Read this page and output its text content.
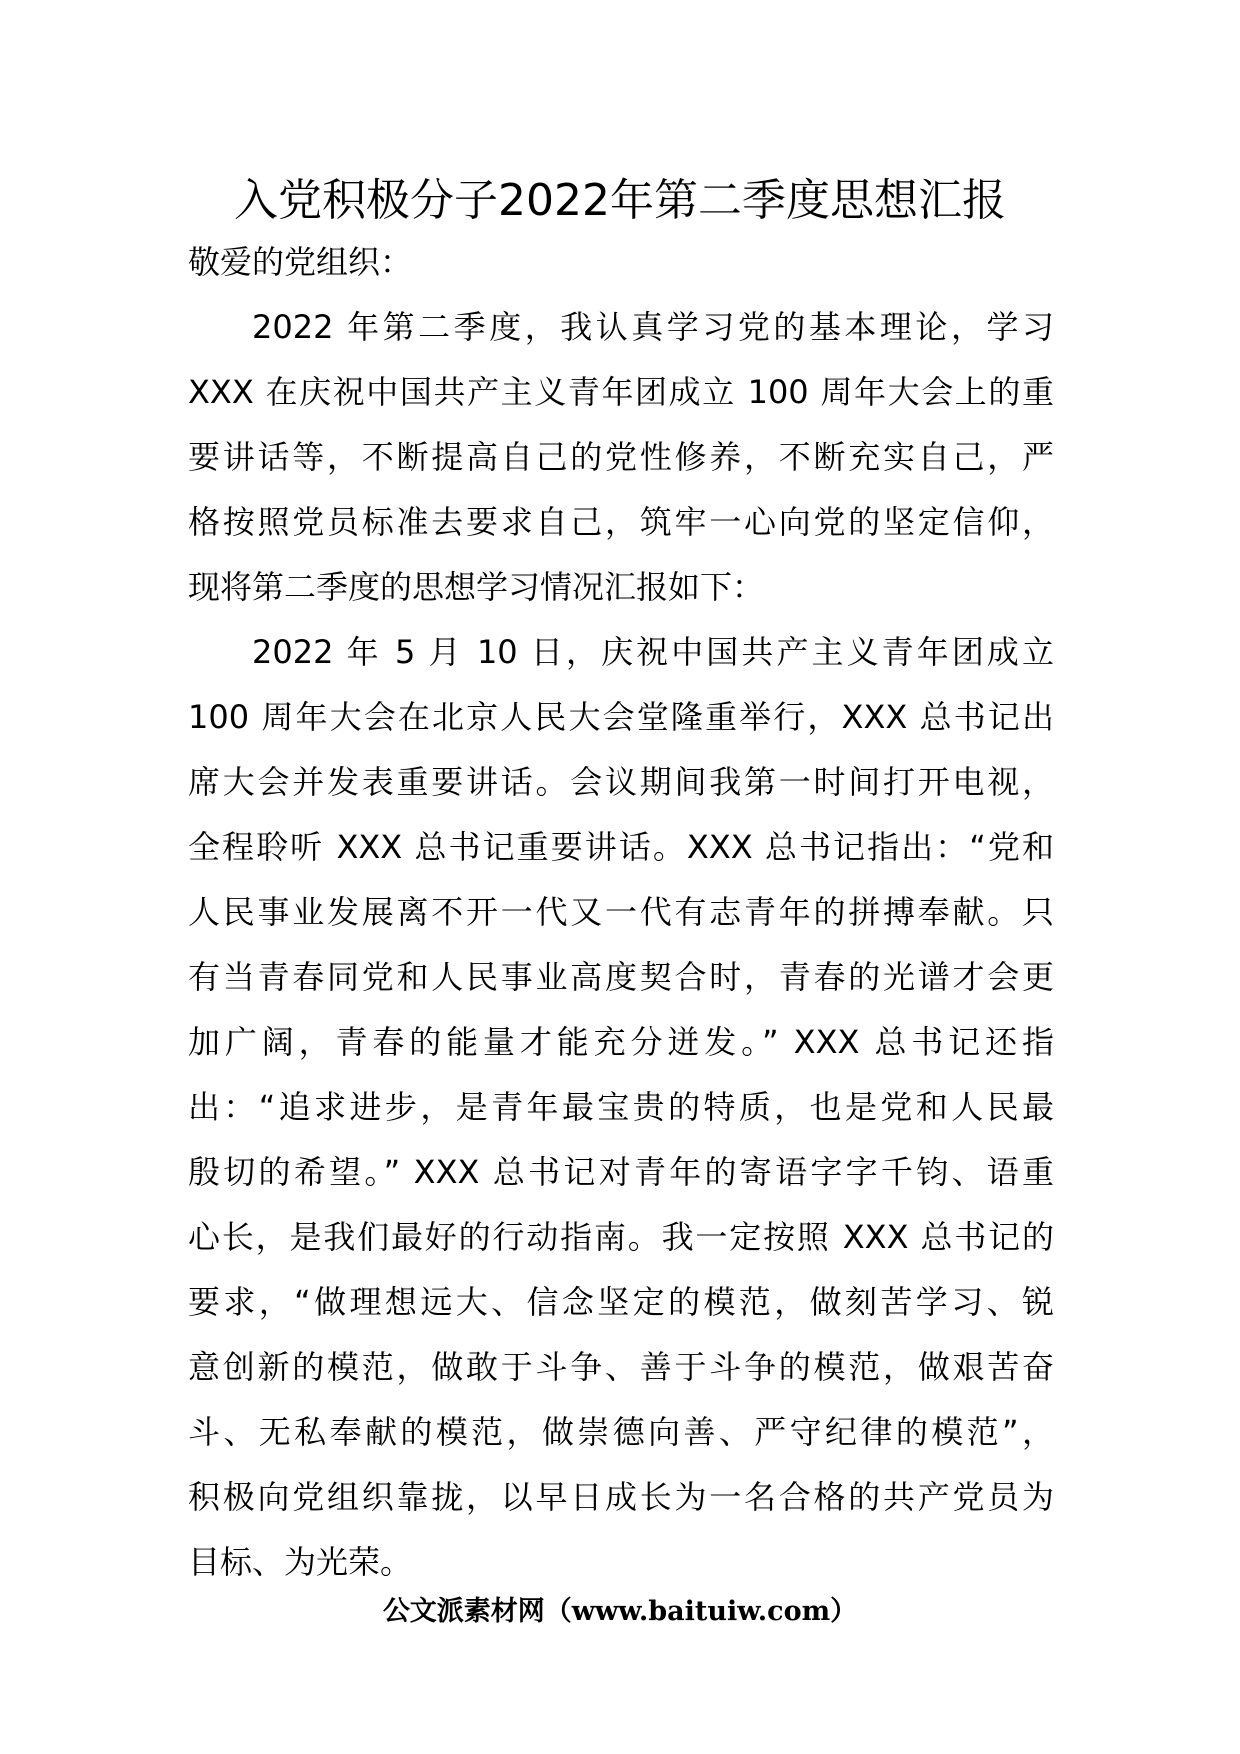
入党积极分子2022年第二季度思想汇报

敬爱的党组织：

2022 年第二季度，我认真学习党的基本理论，学习
XXX 在庆祝中国共产主义青年团成立 100 周年大会上的重
要讲话等，不断提高自己的党性修养，不断充实自己，严
格按照党员标准去要求自己，筑牢一心向党的坚定信仰，
现将第二季度的思想学习情况汇报如下：

2022 年 5 月 10 日，庆祝中国共产主义青年团成立
100 周年大会在北京人民大会堂隆重举行，XXX 总书记出
席大会并发表重要讲话。会议期间我第一时间打开电视，
全程聆听 XXX 总书记重要讲话。XXX 总书记指出：“党和
人民事业发展离不开一代又一代有志青年的拼搏奉献。只
有当青春同党和人民事业高度契合时，青春的光谱才会更
加广阔，青春的能量才能充分迸发。” XXX 总书记还指
出：“追求进步，是青年最宝贵的特质，也是党和人民最
殷切的希望。” XXX 总书记对青年的寄语字字千钧、语重
心长，是我们最好的行动指南。我一定按照 XXX 总书记的
要求，“做理想远大、信念坚定的模范，做刻苦学习、锐
意创新的模范，做敢于斗争、善于斗争的模范，做艰苦奋
斗、无私奉献的模范，做崇德向善、严守纪律的模范”，
积极向党组织靠拢，以早日成长为一名合格的共产党员为
目标、为光荣。

公文派素材网（www.baituiw.com）
